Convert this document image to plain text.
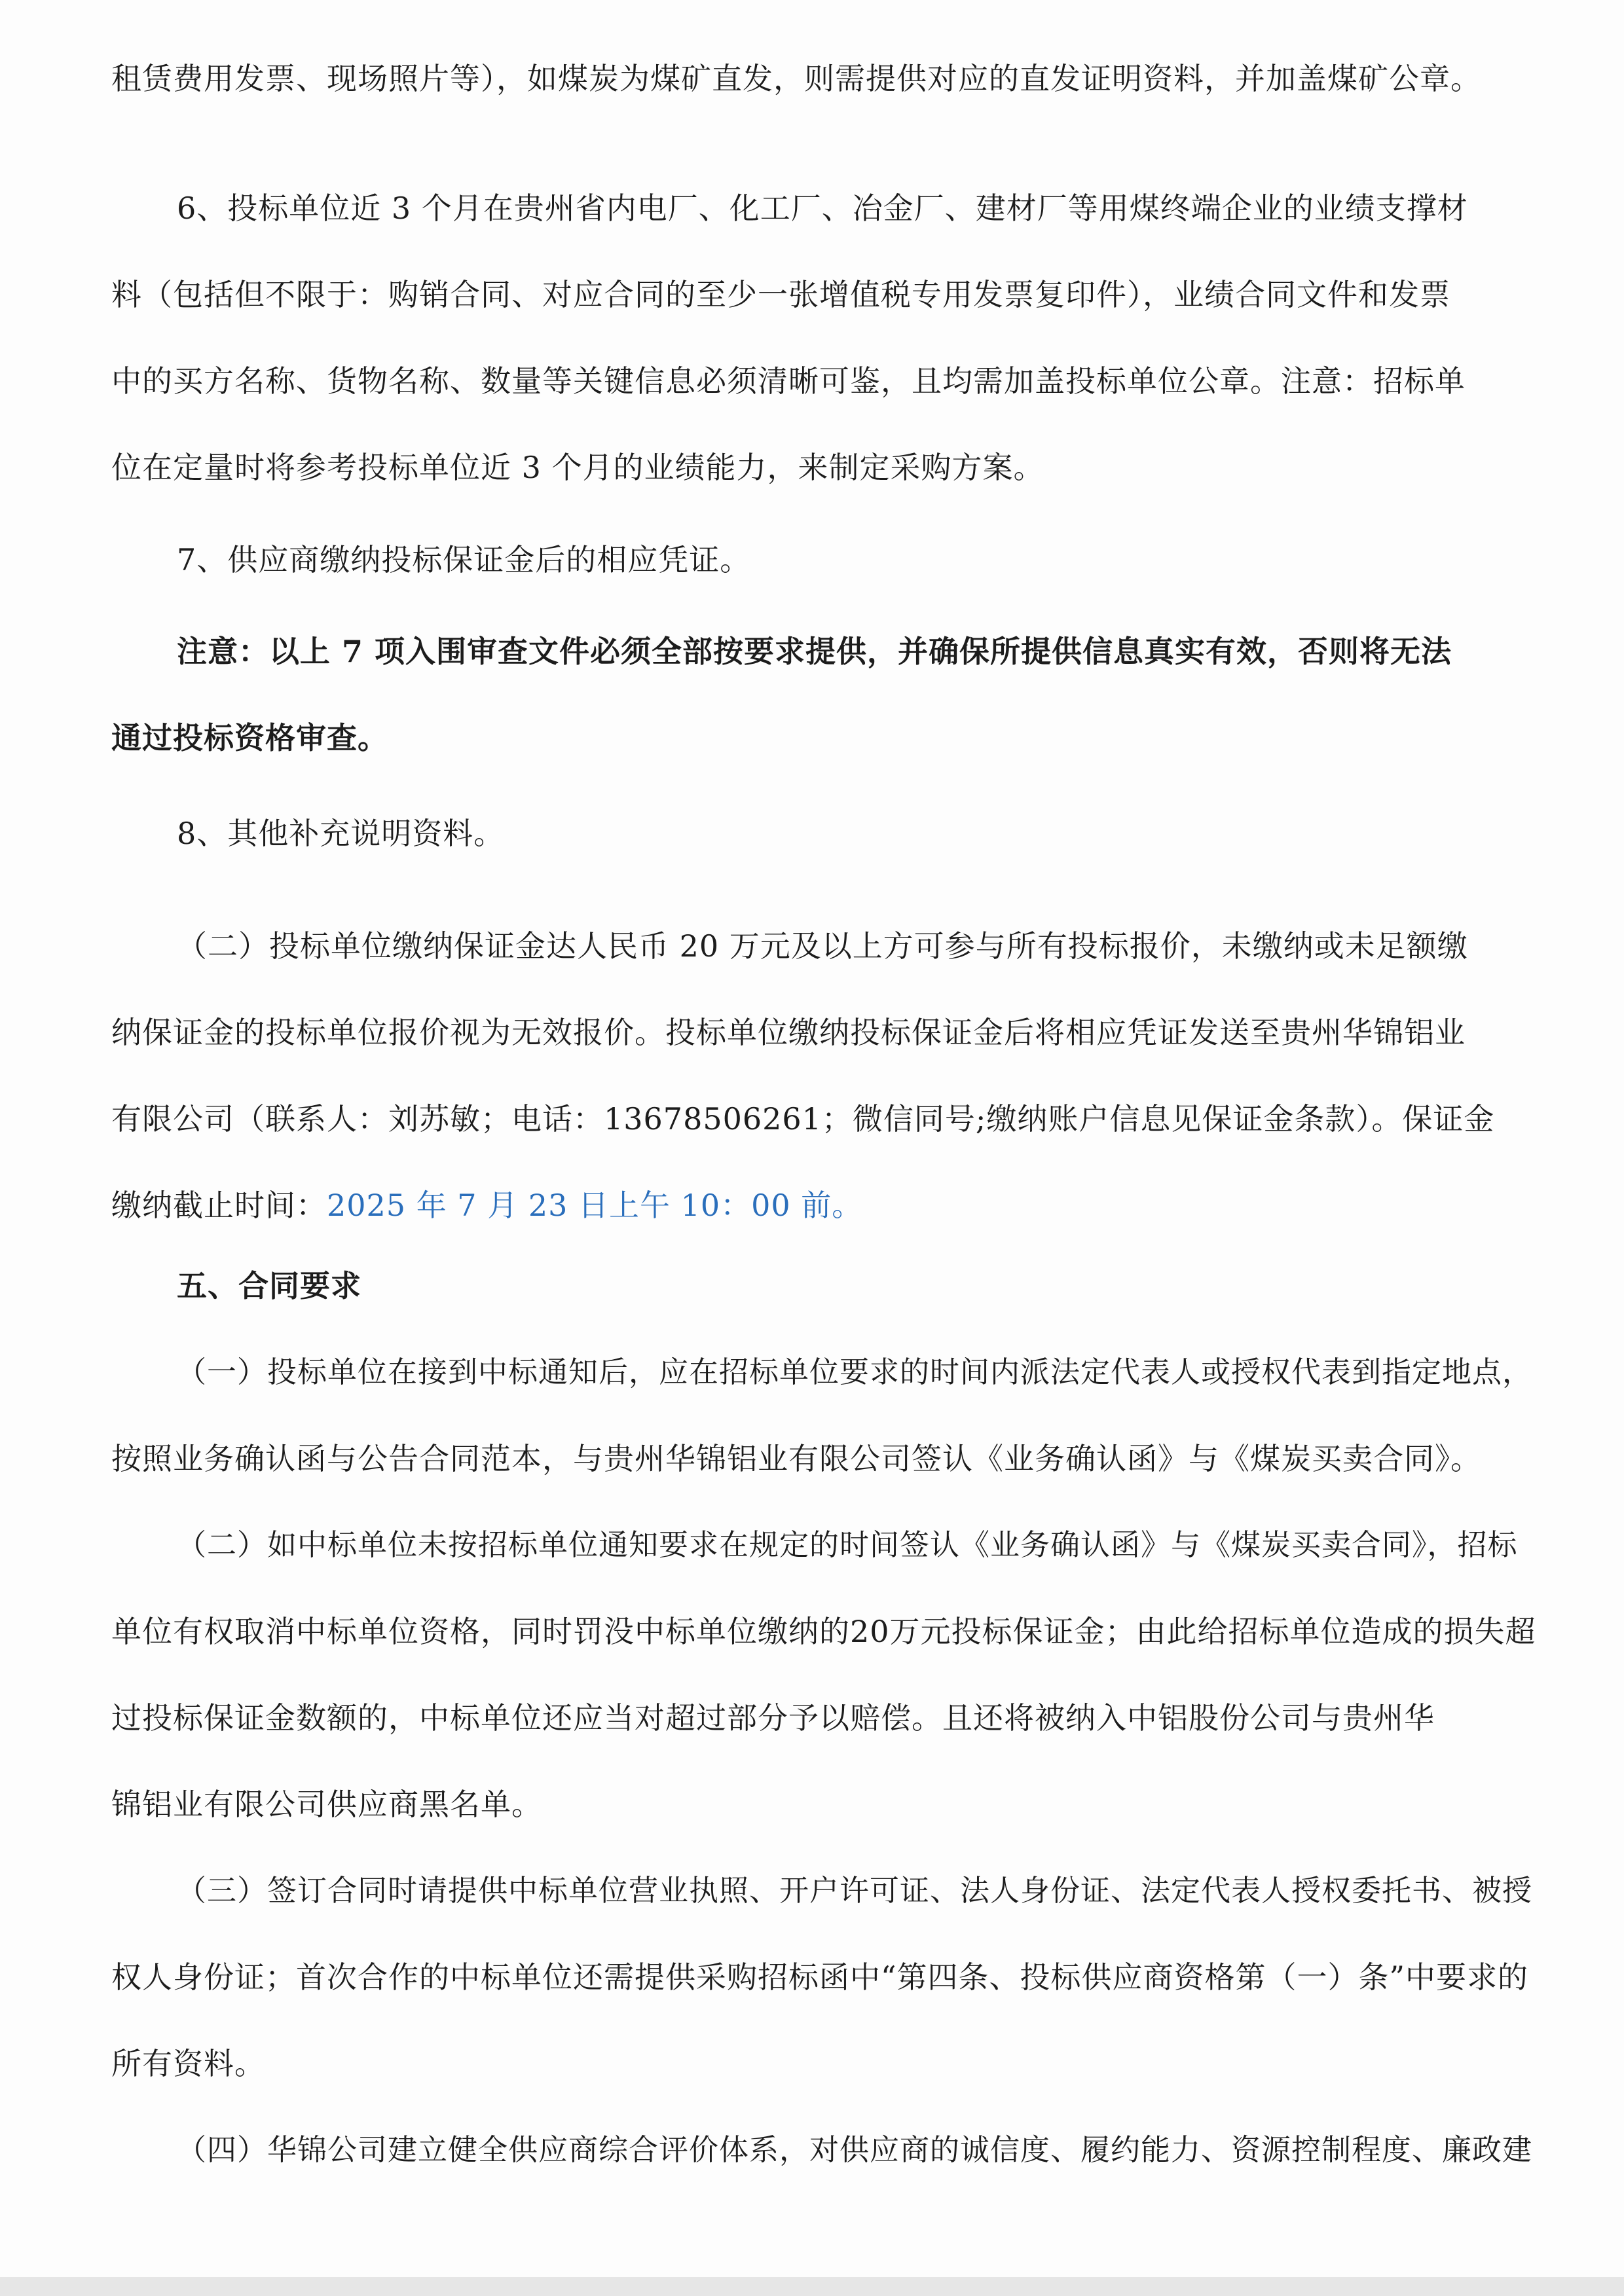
租赁费用发票、现场照片等），如煤炭为煤矿直发，则需提供对应的直发证明资料，并加盖煤矿公章。
6、投标单位近 3 个月在贵州省内电厂、化工厂、冶金厂、建材厂等用煤终端企业的业绩支撑材
料（包括但不限于：购销合同、对应合同的至少一张增值税专用发票复印件），业绩合同文件和发票
中的买方名称、货物名称、数量等关键信息必须清晰可鉴，且均需加盖投标单位公章。注意：招标单
位在定量时将参考投标单位近 3 个月的业绩能力，来制定采购方案。
7、供应商缴纳投标保证金后的相应凭证。
注意：以上 7 项入围审查文件必须全部按要求提供，并确保所提供信息真实有效，否则将无法
通过投标资格审查。
8、其他补充说明资料。
（二）投标单位缴纳保证金达人民币 20 万元及以上方可参与所有投标报价，未缴纳或未足额缴
纳保证金的投标单位报价视为无效报价。投标单位缴纳投标保证金后将相应凭证发送至贵州华锦铝业
有限公司（联系人：刘苏敏；电话：13678506261；微信同号;缴纳账户信息见保证金条款）。保证金
缴纳截止时间：2025 年 7 月 23 日上午 10：00 前。
五、合同要求
（一）投标单位在接到中标通知后，应在招标单位要求的时间内派法定代表人或授权代表到指定地点，
按照业务确认函与公告合同范本，与贵州华锦铝业有限公司签认《业务确认函》与《煤炭买卖合同》。
（二）如中标单位未按招标单位通知要求在规定的时间签认《业务确认函》与《煤炭买卖合同》，招标
单位有权取消中标单位资格，同时罚没中标单位缴纳的20万元投标保证金；由此给招标单位造成的损失超
过投标保证金数额的，中标单位还应当对超过部分予以赔偿。且还将被纳入中铝股份公司与贵州华
锦铝业有限公司供应商黑名单。
（三）签订合同时请提供中标单位营业执照、开户许可证、法人身份证、法定代表人授权委托书、被授
权人身份证；首次合作的中标单位还需提供采购招标函中“第四条、投标供应商资格第（一）条”中要求的
所有资料。
（四）华锦公司建立健全供应商综合评价体系，对供应商的诚信度、履约能力、资源控制程度、廉政建
